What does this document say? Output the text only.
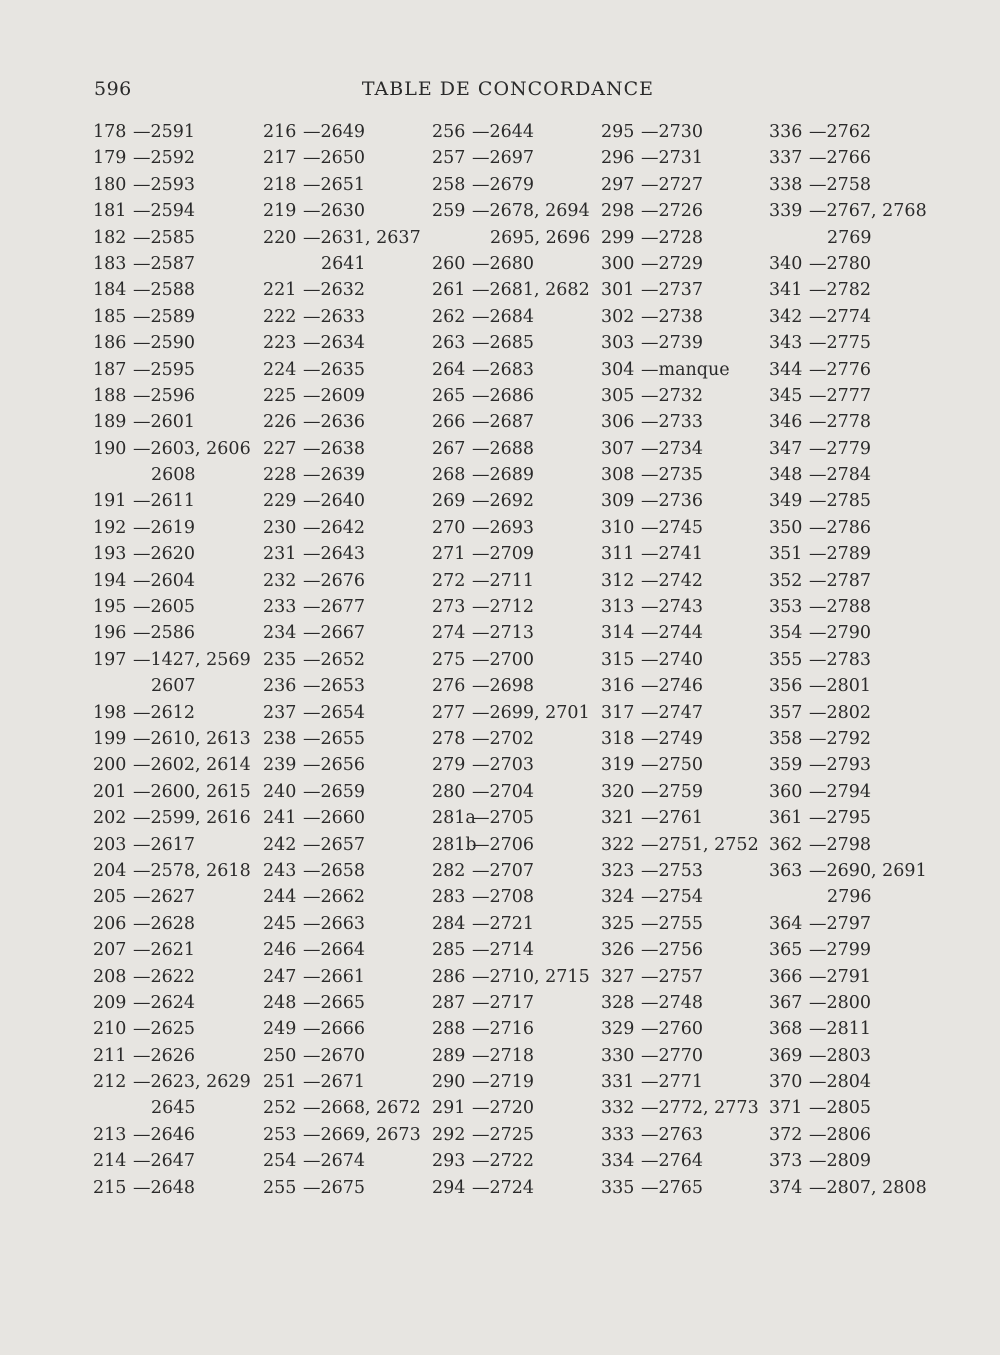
596	TABLE DE CONCORDANCE
178 —2591
179 —2592
180 —2593
181 —2594
182 —2585
183 —2587
184 —2588
185 —2589
186 —2590
187 —2595
188 —2596
189 —2601
190 —2603, 2606
2608
191 —2611
192 —2619
193 —2620
194 —2604
195 —2605
196 —2586
197 —1427, 2569
2607
198 —2612
199 —2610, 2613
200 —2602, 2614
201 —2600, 2615
202 —2599, 2616
203 —2617
204 —2578, 2618
205 —2627
206 —2628
207 —2621
208 —2622
209 —2624
210 —2625
211 —2626
212 —2623, 2629
2645
213 —2646
214 —2647
215 —2648
216 —2649
217 —2650
218 —2651
219 —2630
220 —2631, 2637
2641
221 —2632
222 —2633
223 —2634
224 —2635
225 —2609
226 —2636
227 —2638
228 —2639
229 —2640
230 —2642
231 —2643
232 —2676
233 —2677
234 —2667
235 —2652
236 —2653
237 —2654
238 —2655
239 —2656
240 —2659
241 —2660
242 —2657
243 —2658
244 —2662
245 —2663
246 —2664
247 —2661
248 —2665
249 —2666
250 —2670
251 —2671
252 —2668, 2672
253 —2669, 2673
254 —2674
255 —2675
256 —2644
257 —2697
258 —2679
259 —2678, 2694
2695, 2696
260 —2680
261 —2681, 2682
262 —2684
263 —2685
264 —2683
265 —2686
266 —2687
267 —2688
268 —2689
269 —2692
270 —2693
271 —2709
272 —2711
273 —2712
274 —2713
275 —2700
276 —2698
277 —2699, 2701
278 —2702
279 —2703
280 —2704
281a—2705
281b—2706
282 —2707
283 —2708
284 —2721
285 —2714
286 —2710, 2715
287 —2717
288 —2716
289 —2718
290 —2719
291 —2720
292 —2725
293 —2722
294 —2724
295 —2730
296 —2731
297 —2727
298 —2726
299 —2728
300 —2729
301 —2737
302 —2738
303 —2739
304 —manque
305 —2732
306 —2733
307 —2734
308 —2735
309 —2736
310 —2745
311 —2741
312 —2742
313 —2743
314 —2744
315 —2740
316 —2746
317 —2747
318 —2749
319 —2750
320 —2759
321 —2761
322 —2751, 2752
323 —2753
324 —2754
325 —2755
326 —2756
327 —2757
328 —2748
329 —2760
330 —2770
331 —2771
332 —2772, 2773
333 —2763
334 —2764
335 —2765
336 —2762
337 —2766
338 —2758
339 —2767, 2768
2769
340 —2780
341 —2782
342 —2774
343 —2775
344 —2776
345 —2777
346 —2778
347 —2779
348 —2784
349 —2785
350 —2786
351 —2789
352 —2787
353 —2788
354 —2790
355 —2783
356 —2801
357 —2802
358 —2792
359 —2793
360 —2794
361 —2795
362 —2798
363 —2690, 2691
2796
364 —2797
365 —2799
366 —2791
367 —2800
368 —2811
369 —2803
370 —2804
371 —2805
372 —2806
373 —2809
374 —2807, 2808
